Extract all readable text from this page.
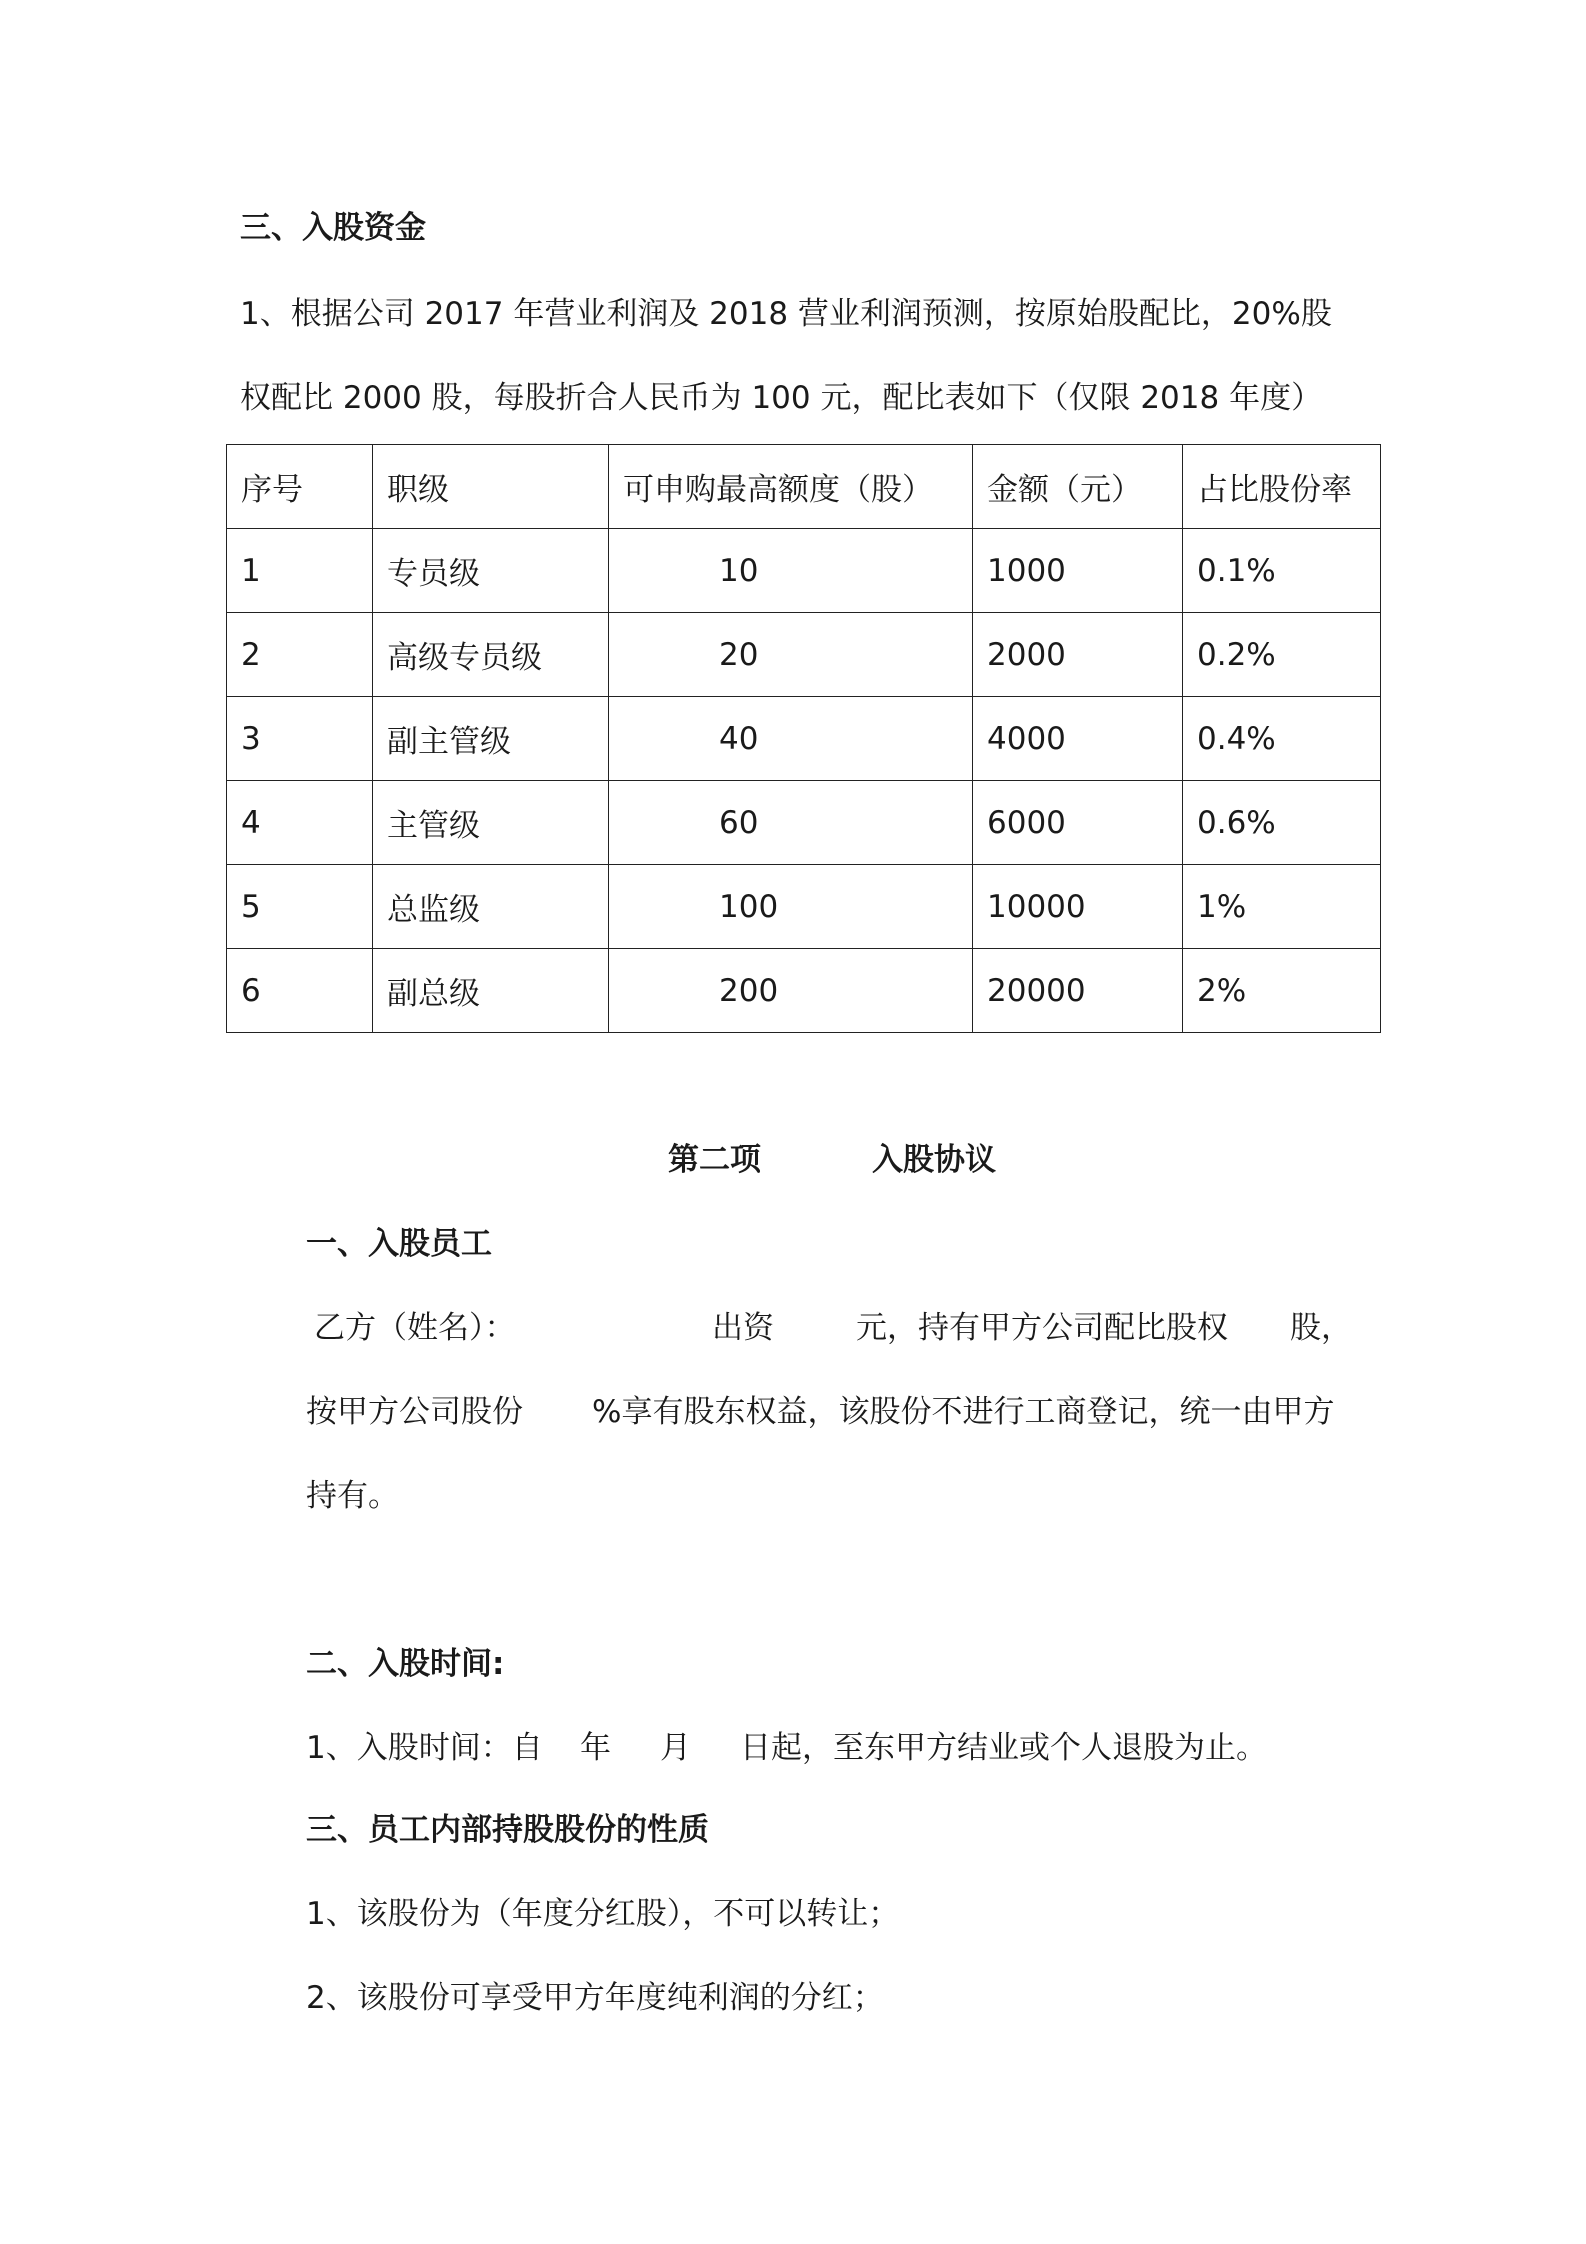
三、入股资金
1、根据公司 2017 年营业利润及 2018 营业利润预测，按原始股配比，20%股
权配比 2000 股，每股折合人民币为 100 元，配比表如下（仅限 2018 年度）
序号	职级	可申购最高额度（股）	金额（元）	占比股份率
1	专员级	10	1000	0.1%
2	高级专员级	20	2000	0.2%
3	副主管级	40	4000	0.4%
4	主管级	60	6000	0.6%
5	总监级	100	10000	1%
6	副总级	200	20000	2%
第二项	入股协议
一、入股员工
乙方（姓名）：	出资	元，持有甲方公司配比股权 股，
按甲方公司股份 %享有股东权益，该股份不进行工商登记，统一由甲方
持有。
二、入股时间:
1、入股时间：自 年 月 日起，至东甲方结业或个人退股为止。
三、员工内部持股股份的性质
1、该股份为（年度分红股），不可以转让；
2、该股份可享受甲方年度纯利润的分红；
